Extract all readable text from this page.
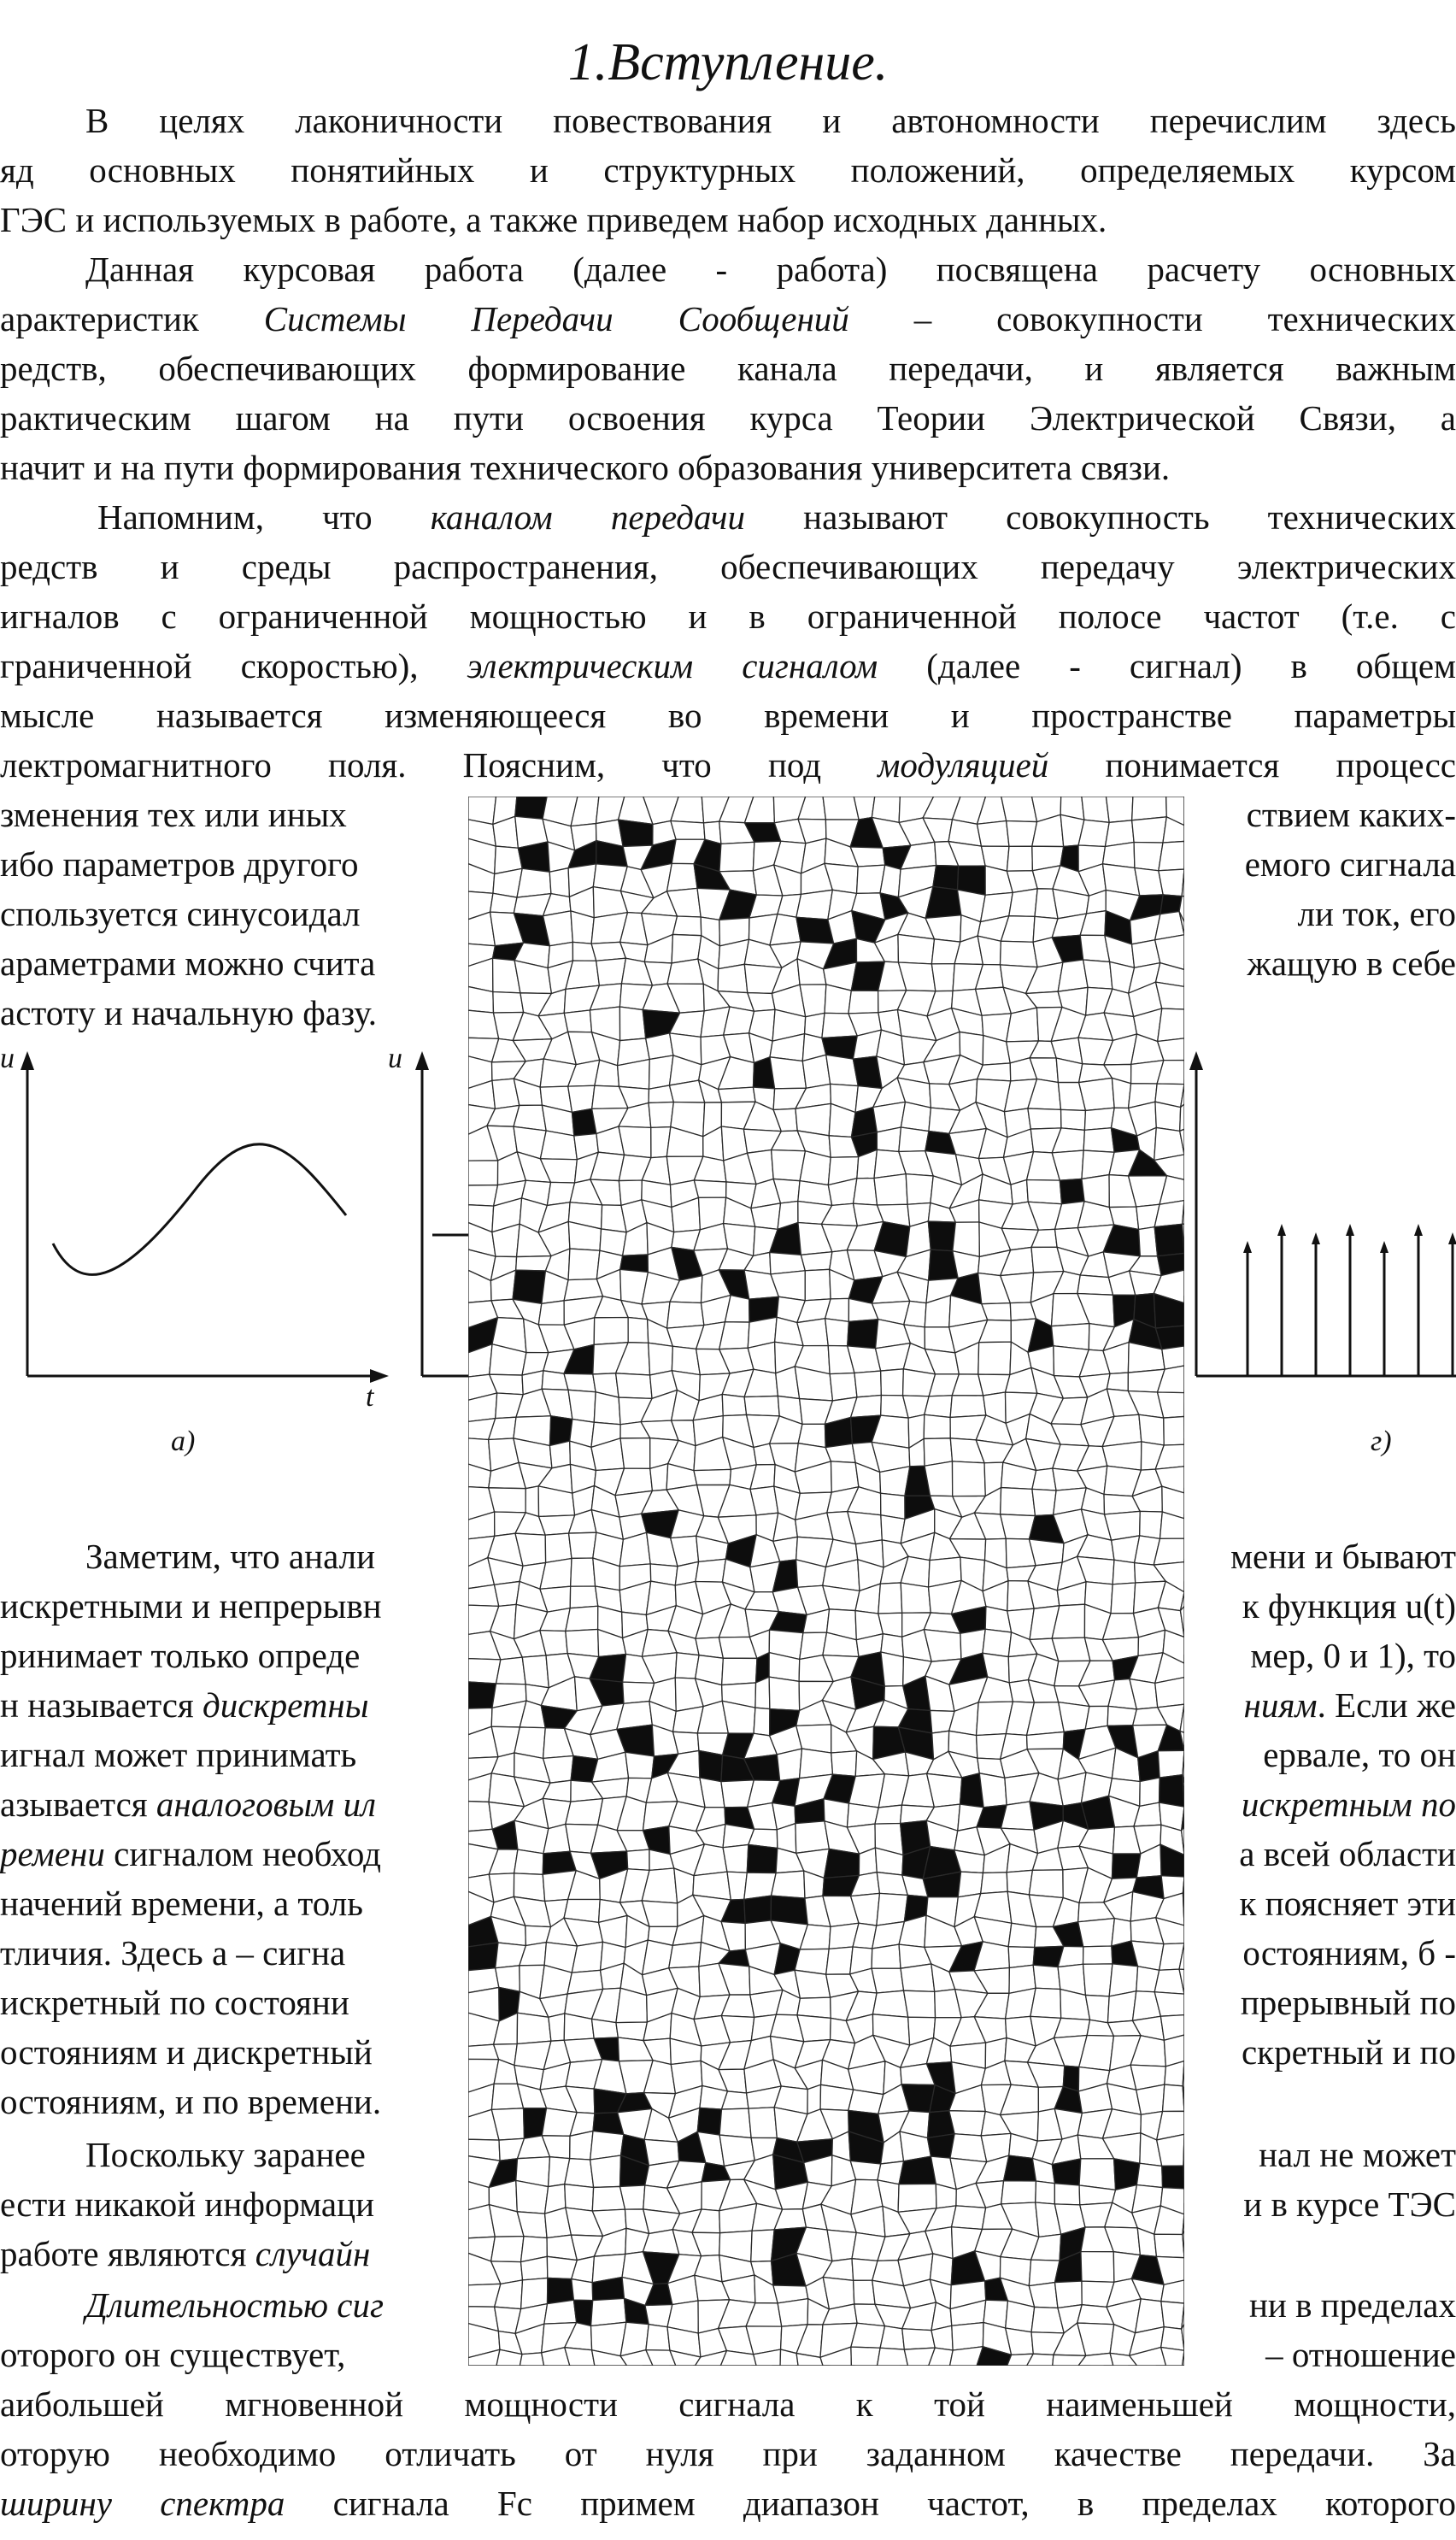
1.Вступление.
В целях лаконичности повествования и автономности перечислим здесь
яд основных понятийных и структурных положений, определяемых курсом
ГЭС и используемых в работе, а также приведем набор исходных данных.
Данная курсовая работа (далее - работа) посвящена расчету основных
арактеристик Системы Передачи Сообщений – совокупности технических
редств, обеспечивающих формирование канала передачи, и является важным
рактическим шагом на пути освоения курса Теории Электрической Связи, а
начит и на пути формирования технического образования университета связи.
Напомним, что каналом передачи называют совокупность технических
редств и среды распространения, обеспечивающих передачу электрических
игналов с ограниченной мощностью и в ограниченной полосе частот (т.е. с
граниченной скоростью), электрическим сигналом (далее - сигнал) в общем
мысле называется изменяющееся во времени и пространстве параметры
лектромагнитного поля. Поясним, что под модуляцией понимается процесс
зменения тех или иных	ствием каких-
ибо параметров другого	емого сигнала
спользуется синусоидал	ли ток, его
араметрами можно счита	жащую в себе
астоту и начальную фазу.
u
t
а)
u
г)
Заметим, что анали	мени и бывают
искретными и непрерывн	к функция u(t)
ринимает только опреде	мер, 0 и 1), то
н называется дискретны	ниям. Если же
игнал может принимать	ервале, то он
азывается аналоговым ил	искретным по
ремени сигналом необход	а всей области
начений времени, а толь	к поясняет эти
тличия. Здесь а – сигна	остояниям, б -
искретный по состояни	прерывный по
остояниям и дискретный	скретный и по
остояниям, и по времени.
Поскольку заранее	нал не может
ести никакой информаци	и в курсе ТЭС
работе являются случайн
Длительностью сиг	ни в пределах
оторого он существует,	– отношение
аибольшей мгновенной мощности сигнала к той наименьшей мощности,
оторую необходимо отличать от нуля при заданном качестве передачи. За
ширину спектра сигнала Fc примем диапазон частот, в пределах которого
